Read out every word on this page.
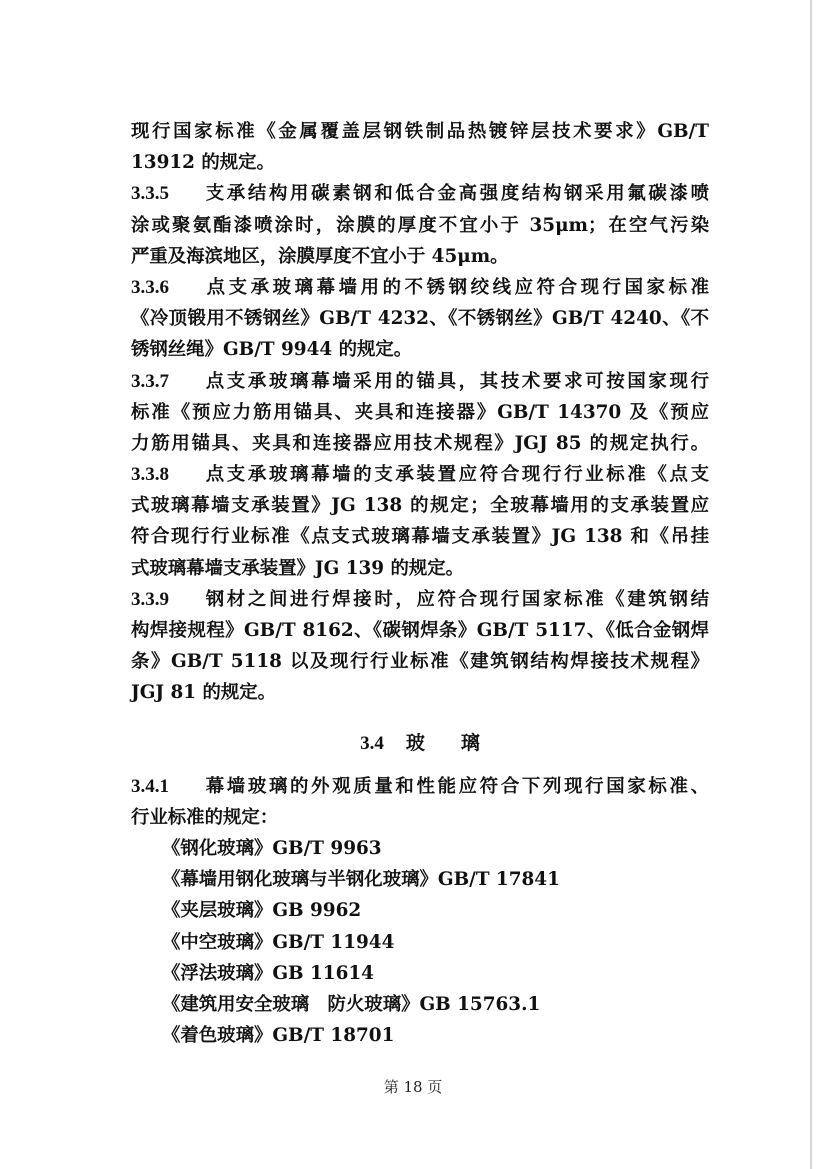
现行国家标准《金属覆盖层钢铁制品热镀锌层技术要求》GB/T
13912 的规定。
3.3.5 支承结构用碳素钢和低合金高强度结构钢采用氟碳漆喷
涂或聚氨酯漆喷涂时，涂膜的厚度不宜小于 35μm；在空气污染
严重及海滨地区，涂膜厚度不宜小于 45μm。
3.3.6 点支承玻璃幕墙用的不锈钢绞线应符合现行国家标准
《冷顶锻用不锈钢丝》GB/T 4232、《不锈钢丝》GB/T 4240、《不
锈钢丝绳》GB/T 9944 的规定。
3.3.7 点支承玻璃幕墙采用的锚具，其技术要求可按国家现行
标准《预应力筋用锚具、夹具和连接器》GB/T 14370 及《预应
力筋用锚具、夹具和连接器应用技术规程》JGJ 85 的规定执行。
3.3.8 点支承玻璃幕墙的支承装置应符合现行行业标准《点支
式玻璃幕墙支承装置》JG 138 的规定；全玻幕墙用的支承装置应
符合现行行业标准《点支式玻璃幕墙支承装置》JG 138 和《吊挂
式玻璃幕墙支承装置》JG 139 的规定。
3.3.9 钢材之间进行焊接时，应符合现行国家标准《建筑钢结
构焊接规程》GB/T 8162、《碳钢焊条》GB/T 5117、《低合金钢焊
条》GB/T 5118 以及现行行业标准《建筑钢结构焊接技术规程》
JGJ 81 的规定。
3.4 玻璃
3.4.1 幕墙玻璃的外观质量和性能应符合下列现行国家标准、
行业标准的规定：
《钢化玻璃》GB/T 9963
《幕墙用钢化玻璃与半钢化玻璃》GB/T 17841
《夹层玻璃》GB 9962
《中空玻璃》GB/T 11944
《浮法玻璃》GB 11614
《建筑用安全玻璃　防火玻璃》GB 15763.1
《着色玻璃》GB/T 18701
第 18 页
